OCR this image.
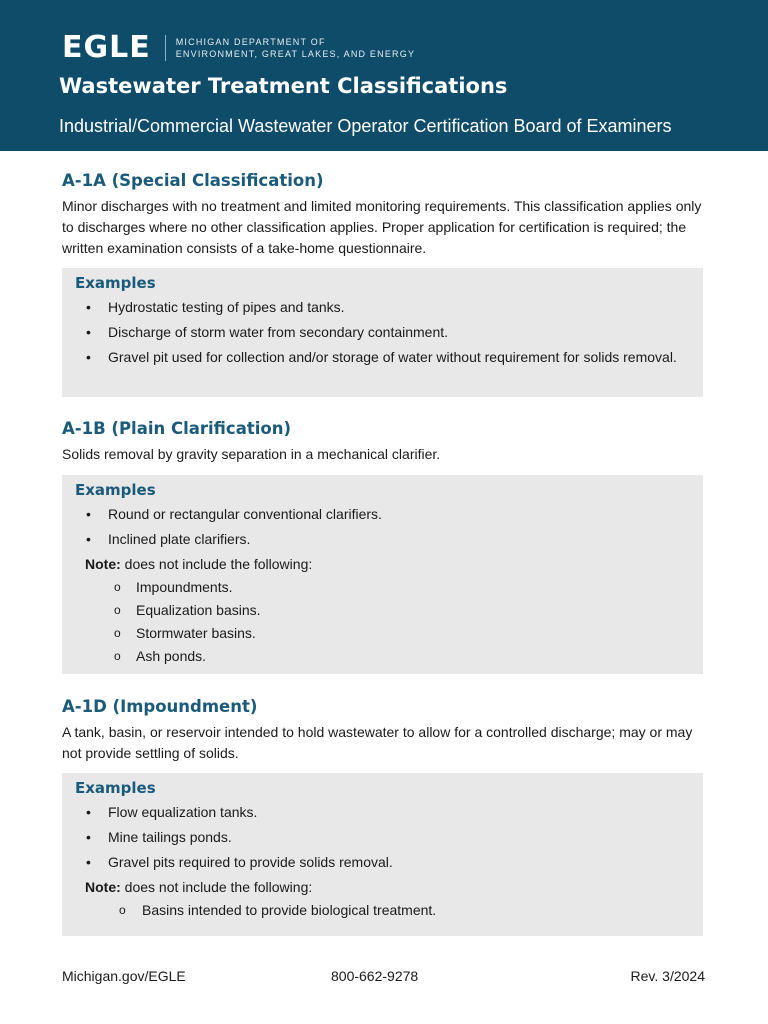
EGLE	MICHIGAN DEPARTMENT OF
ENVIRONMENT, GREAT LAKES, AND ENERGY
Wastewater Treatment Classifications

Industrial/Commercial Wastewater Operator Certification Board of Examiners

A-1A (Special Classification)

Minor discharges with no treatment and limited monitoring requirements. This classification applies only to discharges where no other classification applies. Proper application for certification is required; the written examination consists of a take-home questionnaire.

Examples
• Hydrostatic testing of pipes and tanks.
• Discharge of storm water from secondary containment.
• Gravel pit used for collection and/or storage of water without requirement for solids removal.
A-1B (Plain Clarification)

Solids removal by gravity separation in a mechanical clarifier.

Examples
• Round or rectangular conventional clarifiers.
• Inclined plate clarifiers.

Note: does not include the following:

o Impoundments.
o Equalization basins.
o Stormwater basins.
o Ash ponds.
A-1D (Impoundment)

A tank, basin, or reservoir intended to hold wastewater to allow for a controlled discharge; may or may not provide settling of solids.

Examples
• Flow equalization tanks.
• Mine tailings ponds.
• Gravel pits required to provide solids removal.

Note: does not include the following:

o Basins intended to provide biological treatment.
Michigan.gov/EGLE	800-662-9278	Rev. 3/2024
